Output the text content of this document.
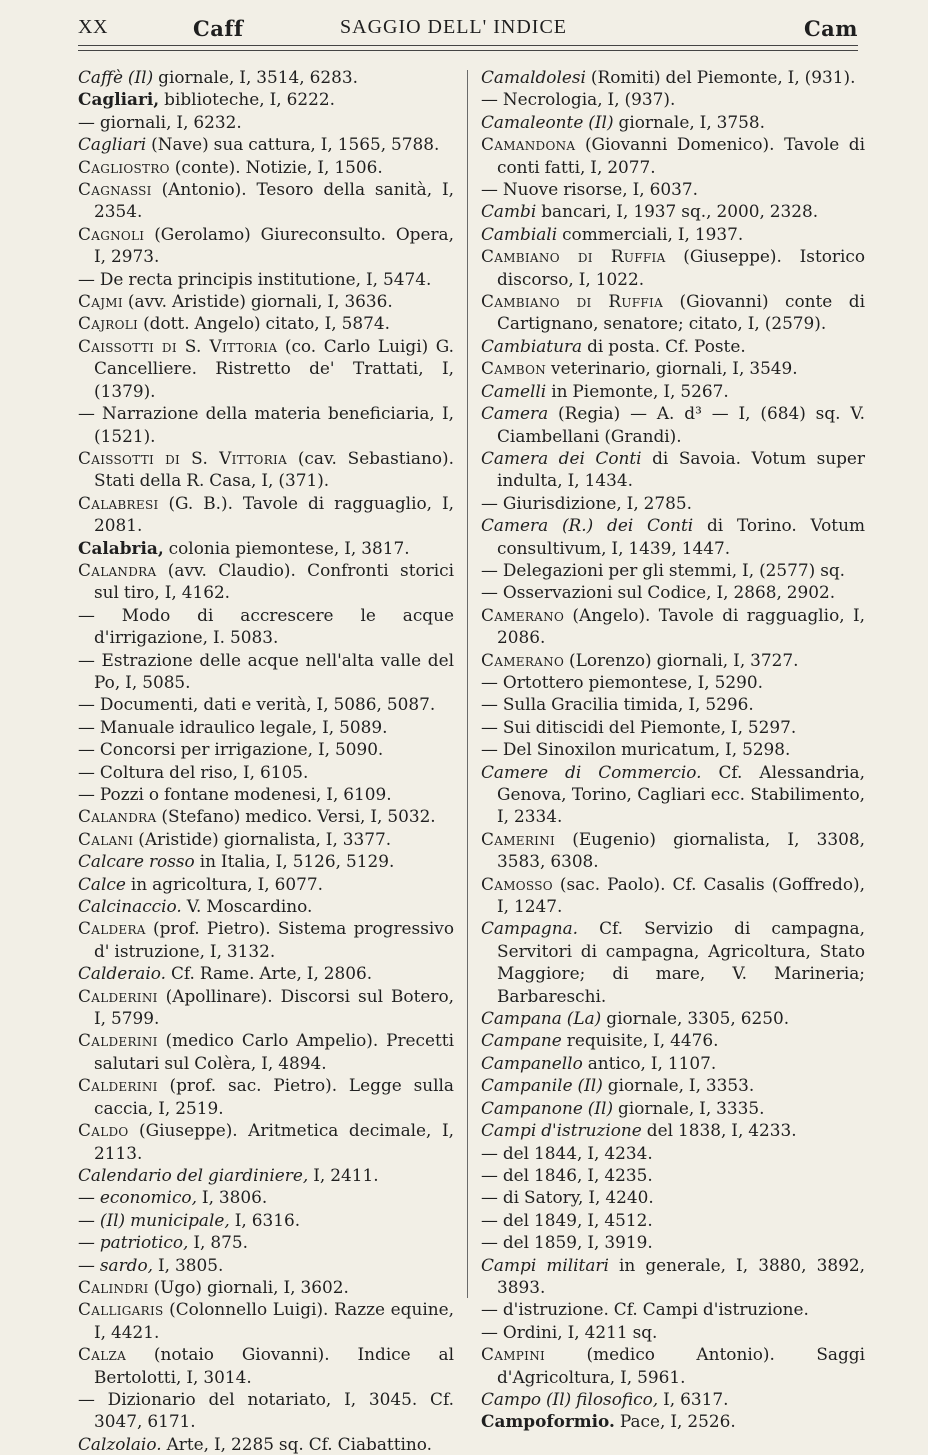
XX	Caff	SAGGIO DELL' INDICE	Cam

Caffè (Il) giornale, I, 3514, 6283.

Cagliari, biblioteche, I, 6222.

— giornali, I, 6232.

Cagliari (Nave) sua cattura, I, 1565, 5788.

Cagliostro (conte). Notizie, I, 1506.

Cagnassi (Antonio). Tesoro della sanità, I, 2354.

Cagnoli (Gerolamo) Giureconsulto. Opera, I, 2973.

— De recta principis institutione, I, 5474.

Cajmi (avv. Aristide) giornali, I, 3636.

Cajroli (dott. Angelo) citato, I, 5874.

Caissotti di S. Vittoria (co. Carlo Luigi) G. Cancelliere. Ristretto de' Trattati, I, (1379).

— Narrazione della materia beneficiaria, I, (1521).

Caissotti di S. Vittoria (cav. Sebastiano). Stati della R. Casa, I, (371).

Calabresi (G. B.). Tavole di ragguaglio, I, 2081.

Calabria, colonia piemontese, I, 3817.

Calandra (avv. Claudio). Confronti storici sul tiro, I, 4162.

— Modo di accrescere le acque d'irrigazione, I. 5083.

— Estrazione delle acque nell'alta valle del Po, I, 5085.

— Documenti, dati e verità, I, 5086, 5087.

— Manuale idraulico legale, I, 5089.

— Concorsi per irrigazione, I, 5090.

— Coltura del riso, I, 6105.

— Pozzi o fontane modenesi, I, 6109.

Calandra (Stefano) medico. Versi, I, 5032.

Calani (Aristide) giornalista, I, 3377.

Calcare rosso in Italia, I, 5126, 5129.

Calce in agricoltura, I, 6077.

Calcinaccio. V. Moscardino.

Caldera (prof. Pietro). Sistema progressivo d' istruzione, I, 3132.

Calderaio. Cf. Rame. Arte, I, 2806.

Calderini (Apollinare). Discorsi sul Botero, I, 5799.

Calderini (medico Carlo Ampelio). Precetti salutari sul Colèra, I, 4894.

Calderini (prof. sac. Pietro). Legge sulla caccia, I, 2519.

Caldo (Giuseppe). Aritmetica decimale, I, 2113.

Calendario del giardiniere, I, 2411.

— economico, I, 3806.

— (Il) municipale, I, 6316.

— patriotico, I, 875.

— sardo, I, 3805.

Calindri (Ugo) giornali, I, 3602.

Calligaris (Colonnello Luigi). Razze equine, I, 4421.

Calza (notaio Giovanni). Indice al Bertolotti, I, 3014.

— Dizionario del notariato, I, 3045. Cf. 3047, 6171.

Calzolaio. Arte, I, 2285 sq. Cf. Ciabattino.

Camaldolesi (Romiti) del Piemonte, I, (931).

— Necrologia, I, (937).

Camaleonte (Il) giornale, I, 3758.

Camandona (Giovanni Domenico). Tavole di conti fatti, I, 2077.

— Nuove risorse, I, 6037.

Cambi bancari, I, 1937 sq., 2000, 2328.

Cambiali commerciali, I, 1937.

Cambiano di Ruffia (Giuseppe). Istorico discorso, I, 1022.

Cambiano di Ruffia (Giovanni) conte di Cartignano, senatore; citato, I, (2579).

Cambiatura di posta. Cf. Poste.

Cambon veterinario, giornali, I, 3549.

Camelli in Piemonte, I, 5267.

Camera (Regia) — A. d³ — I, (684) sq. V. Ciambellani (Grandi).

Camera dei Conti di Savoia. Votum super indulta, I, 1434.

— Giurisdizione, I, 2785.

Camera (R.) dei Conti di Torino. Votum consultivum, I, 1439, 1447.

— Delegazioni per gli stemmi, I, (2577) sq.

— Osservazioni sul Codice, I, 2868, 2902.

Camerano (Angelo). Tavole di ragguaglio, I, 2086.

Camerano (Lorenzo) giornali, I, 3727.

— Ortottero piemontese, I, 5290.

— Sulla Gracilia timida, I, 5296.

— Sui ditiscidi del Piemonte, I, 5297.

— Del Sinoxilon muricatum, I, 5298.

Camere di Commercio. Cf. Alessandria, Genova, Torino, Cagliari ecc. Stabilimento, I, 2334.

Camerini (Eugenio) giornalista, I, 3308, 3583, 6308.

Camosso (sac. Paolo). Cf. Casalis (Goffredo), I, 1247.

Campagna. Cf. Servizio di campagna, Servitori di campagna, Agricoltura, Stato Maggiore; di mare, V. Marineria; Barbareschi.

Campana (La) giornale, 3305, 6250.

Campane requisite, I, 4476.

Campanello antico, I, 1107.

Campanile (Il) giornale, I, 3353.

Campanone (Il) giornale, I, 3335.

Campi d'istruzione del 1838, I, 4233.

— del 1844, I, 4234.

— del 1846, I, 4235.

— di Satory, I, 4240.

— del 1849, I, 4512.

— del 1859, I, 3919.

Campi militari in generale, I, 3880, 3892, 3893.

— d'istruzione. Cf. Campi d'istruzione.

— Ordini, I, 4211 sq.

Campini (medico Antonio). Saggi d'Agricoltura, I, 5961.

Campo (Il) filosofico, I, 6317.

Campoformio. Pace, I, 2526.
